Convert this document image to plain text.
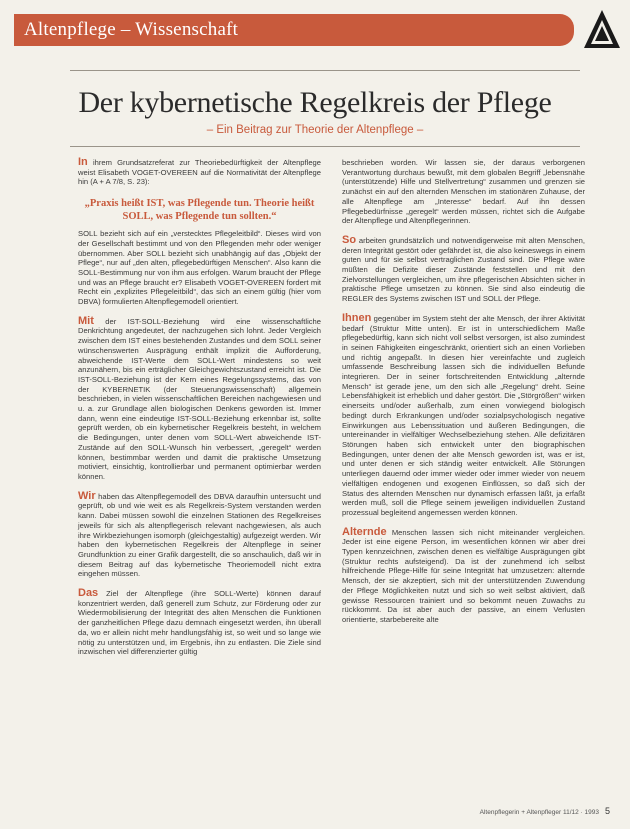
Altenpflege – Wissenschaft
Der kybernetische Regelkreis der Pflege
– Ein Beitrag zur Theorie der Altenpflege –

In ihrem Grundsatzreferat zur Theoriebedürftigkeit der Altenpflege weist Elisabeth VOGET-OVEREEN auf die Normativität der Altenpflege hin (A + A 7/8, S. 23):

„Praxis heißt IST, was Pflegende tun. Theorie heißt SOLL, was Pflegende tun sollten.“

SOLL bezieht sich auf ein „verstecktes Pflegeleitbild“. Dieses wird von der Gesellschaft bestimmt und von den Pflegenden mehr oder weniger übernommen. Aber SOLL bezieht sich unabhängig auf das „Objekt der Pflege“, nur auf „den alten, pflegebedürftigen Menschen“. Also kann die SOLL-Bestimmung nur von ihm aus erfolgen. Warum braucht der Pflege und was an Pflege braucht er? Elisabeth VOGET-OVEREEN fordert mit Recht ein „explizites Pflegeleitbild“, das sich an einem gültig (hier vom DBVA) formulierten Altenpflegemodell orientiert.

Mit der IST-SOLL-Beziehung wird eine wissenschaftliche Denkrichtung angedeutet, der nachzugehen sich lohnt. Jeder Vergleich zwischen dem IST eines bestehenden Zustandes und dem SOLL seiner wünschenswerten Ausprägung enthält implizit die Aufforderung, abweichende IST-Werte dem SOLL-Wert mindestens so weit anzunähern, bis ein erträglicher Gleichgewichtszustand erreicht ist. Die IST-SOLL-Beziehung ist der Kern eines Regelungssystems, das von der KYBERNETIK (der Steuerungswissenschaft) allgemein beschrieben, in vielen wissenschaftlichen Bereichen nachgewiesen und u. a. zur Grundlage allen biologischen Denkens geworden ist. Immer dann, wenn eine eindeutige IST-SOLL-Beziehung erkennbar ist, sollte geprüft werden, ob ein kybernetischer Regelkreis besteht, in welchem die Bedingungen, unter denen vom SOLL-Wert abweichende IST-Zustände auf den SOLL-Wunsch hin verbessert, „geregelt“ werden können, bestimmbar werden und damit die praktische Umsetzung motiviert, einsichtig, kontrollierbar und permanent optimierbar werden können.

Wir haben das Altenpflegemodell des DBVA daraufhin untersucht und geprüft, ob und wie weit es als Regelkreis-System verstanden werden kann. Dabei müssen sowohl die einzelnen Stationen des Regelkreises jeweils für sich als altenpflegerisch relevant nachgewiesen, als auch ihre Wirkbeziehungen isomorph (gleichgestaltig) aufgezeigt werden. Wir haben den kybernetischen Regelkreis der Altenpflege in seiner Grundfunktion zu einer Grafik dargestellt, die so anschaulich, daß wir in diesem Beitrag auf das kybernetische Theoriemodell nicht extra eingehen müssen.

Das Ziel der Altenpflege (ihre SOLL-Werte) können darauf konzentriert werden, daß generell zum Schutz, zur Förderung oder zur Wiedermobilisierung der Integrität des alten Menschen die Funktionen der ganzheitlichen Pflege dazu demnach eingesetzt werden, ihn überall da, wo er allein nicht mehr handlungsfähig ist, so weit und so lange wie nötig zu unterstützen und, im Ergebnis, ihn zu entlasten. Die Ziele sind inzwischen viel differenzierter gültig

beschrieben worden. Wir lassen sie, der daraus verborgenen Verantwortung durchaus bewußt, mit dem globalen Begriff „lebensnähe (unterstützende) Hilfe und Stellvertretung“ zusammen und grenzen sie zunächst ein auf den alternden Menschen im stationären Zuhause, der alle Altenpflege am „Interesse“ bedarf. Auf ihn dessen Pflegebedürfnisse „geregelt“ werden müssen, richtet sich die Aufgabe der Altenpflege und Altenpflegerinnen.

So arbeiten grundsätzlich und notwendigerweise mit alten Menschen, deren Integrität gestört oder gefährdet ist, die also keineswegs in einem guten und für sie selbst vertraglichen Zustand sind. Die Pflege wäre müßten die Defizite dieser Zustände feststellen und mit den Zielvorstellungen vergleichen, um ihre pflegerischen Absichten sicher in praktische Pflege umsetzen zu können. Sie sind also eindeutig die REGLER des Systems zwischen IST und SOLL der Pflege.

Ihnen gegenüber im System steht der alte Mensch, der ihrer Aktivität bedarf (Struktur Mitte unten). Er ist in unterschiedlichem Maße pflegebedürftig, kann sich nicht voll selbst versorgen, ist also zumindest in seinen Fähigkeiten eingeschränkt, orientiert sich an einen Vorlieben und richtig angepaßt. In diesen hier vereinfachte und zugleich umfassende Beschreibung lassen sich die individuellen Befunde integrieren. Der in seiner fortschreitenden Entwicklung „alternde Mensch“ ist gerade jene, um den sich alle „Regelung“ dreht. Seine Lebensfähigkeit ist erheblich und daher gestört. Die „Störgrößen“ wirken einerseits und/oder außerhalb, zum einen vorwiegend biologisch bedingt durch Erkrankungen und/oder sozialpsychologisch negative Einwirkungen aus Lebenssituation und äußeren Bedingungen, die untereinander in vielfältiger Wechselbeziehung stehen. Alle defizitären Störungen haben sich entwickelt unter den biographischen Bedingungen, unter denen der alte Mensch geworden ist, was er ist, und unter denen er sich ständig weiter entwickelt. Alle Störungen unterliegen dauernd oder immer wieder oder immer wieder von neuem vielfältigen endogenen und exogenen Einflüssen, so daß sich der Status des alternden Menschen nur dynamisch erfassen läßt, ja erfaßt werden muß, soll die Pflege seinem jeweiligen individuellen Zustand prozessual begleitend angemessen werden können.

Alternde Menschen lassen sich nicht miteinander vergleichen. Jeder ist eine eigene Person, im wesentlichen können wir aber drei Typen kennzeichnen, zwischen denen es vielfältige Ausprägungen gibt (Struktur rechts aufsteigend). Da ist der zunehmend ich selbst hilfreichende Pflege-Hilfe für seine Integrität hat umzusetzen: alternde Mensch, der sie akzeptiert, sich mit der unterstützenden Zuwendung der Pflege Möglichkeiten nutzt und sich so weit selbst aktiviert, daß gewisse Ressourcen trainiert und so bekommt neuen Zuwachs zu rückkommt. Da ist aber auch der passive, an einem Verlusten orientierte, starbebereite alte

Altenpflegerin + Altenpfleger 11/12 · 1993 5
